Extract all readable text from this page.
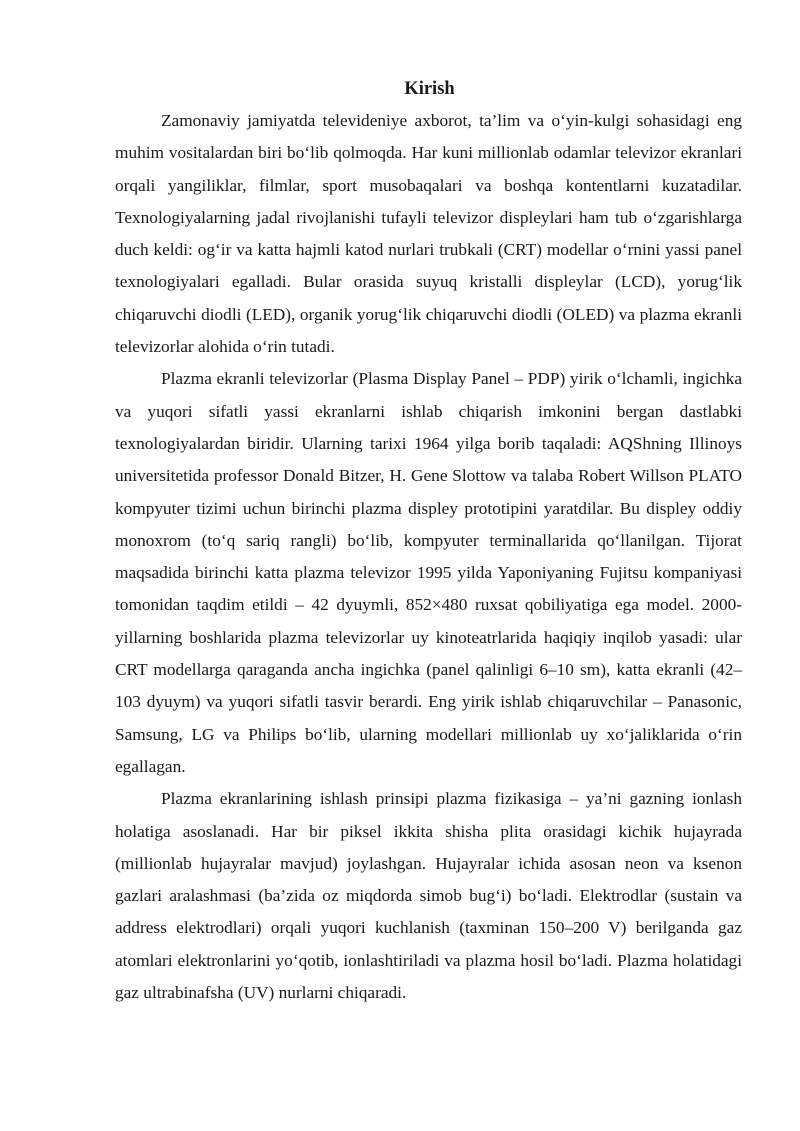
Kirish

Zamonaviy jamiyatda televideniye axborot, ta’lim va o‘yin-kulgi sohasidagi eng muhim vositalardan biri bo‘lib qolmoqda. Har kuni millionlab odamlar televizor ekranlari orqali yangiliklar, filmlar, sport musobaqalari va boshqa kontentlarni kuzatadilar. Texnologiyalarning jadal rivojlanishi tufayli televizor displeylari ham tub o‘zgarishlarga duch keldi: og‘ir va katta hajmli katod nurlari trubkali (CRT) modellar o‘rnini yassi panel texnologiyalari egalladi. Bular orasida suyuq kristalli displeylar (LCD), yorug‘lik chiqaruvchi diodli (LED), organik yorug‘lik chiqaruvchi diodli (OLED) va plazma ekranli televizorlar alohida o‘rin tutadi.

Plazma ekranli televizorlar (Plasma Display Panel – PDP) yirik o‘lchamli, ingichka va yuqori sifatli yassi ekranlarni ishlab chiqarish imkonini bergan dastlabki texnologiyalardan biridir. Ularning tarixi 1964 yilga borib taqaladi: AQShning Illinoys universitetida professor Donald Bitzer, H. Gene Slottow va talaba Robert Willson PLATO kompyuter tizimi uchun birinchi plazma displey prototipini yaratdilar. Bu displey oddiy monoxrom (to‘q sariq rangli) bo‘lib, kompyuter terminallarida qo‘llanilgan. Tijorat maqsadida birinchi katta plazma televizor 1995 yilda Yaponiyaning Fujitsu kompaniyasi tomonidan taqdim etildi – 42 dyuymli, 852×480 ruxsat qobiliyatiga ega model. 2000-yillarning boshlarida plazma televizorlar uy kinoteatrlarida haqiqiy inqilob yasadi: ular CRT modellarga qaraganda ancha ingichka (panel qalinligi 6–10 sm), katta ekranli (42–103 dyuym) va yuqori sifatli tasvir berardi. Eng yirik ishlab chiqaruvchilar – Panasonic, Samsung, LG va Philips bo‘lib, ularning modellari millionlab uy xo‘jaliklarida o‘rin egallagan.

Plazma ekranlarining ishlash prinsipi plazma fizikasiga – ya’ni gazning ionlash holatiga asoslanadi. Har bir piksel ikkita shisha plita orasidagi kichik hujayrada (millionlab hujayralar mavjud) joylashgan. Hujayralar ichida asosan neon va ksenon gazlari aralashmasi (ba’zida oz miqdorda simob bug‘i) bo‘ladi. Elektrodlar (sustain va address elektrodlari) orqali yuqori kuchlanish (taxminan 150–200 V) berilganda gaz atomlari elektronlarini yo‘qotib, ionlashtiriladi va plazma hosil bo‘ladi. Plazma holatidagi gaz ultrabinafsha (UV) nurlarni chiqaradi.
